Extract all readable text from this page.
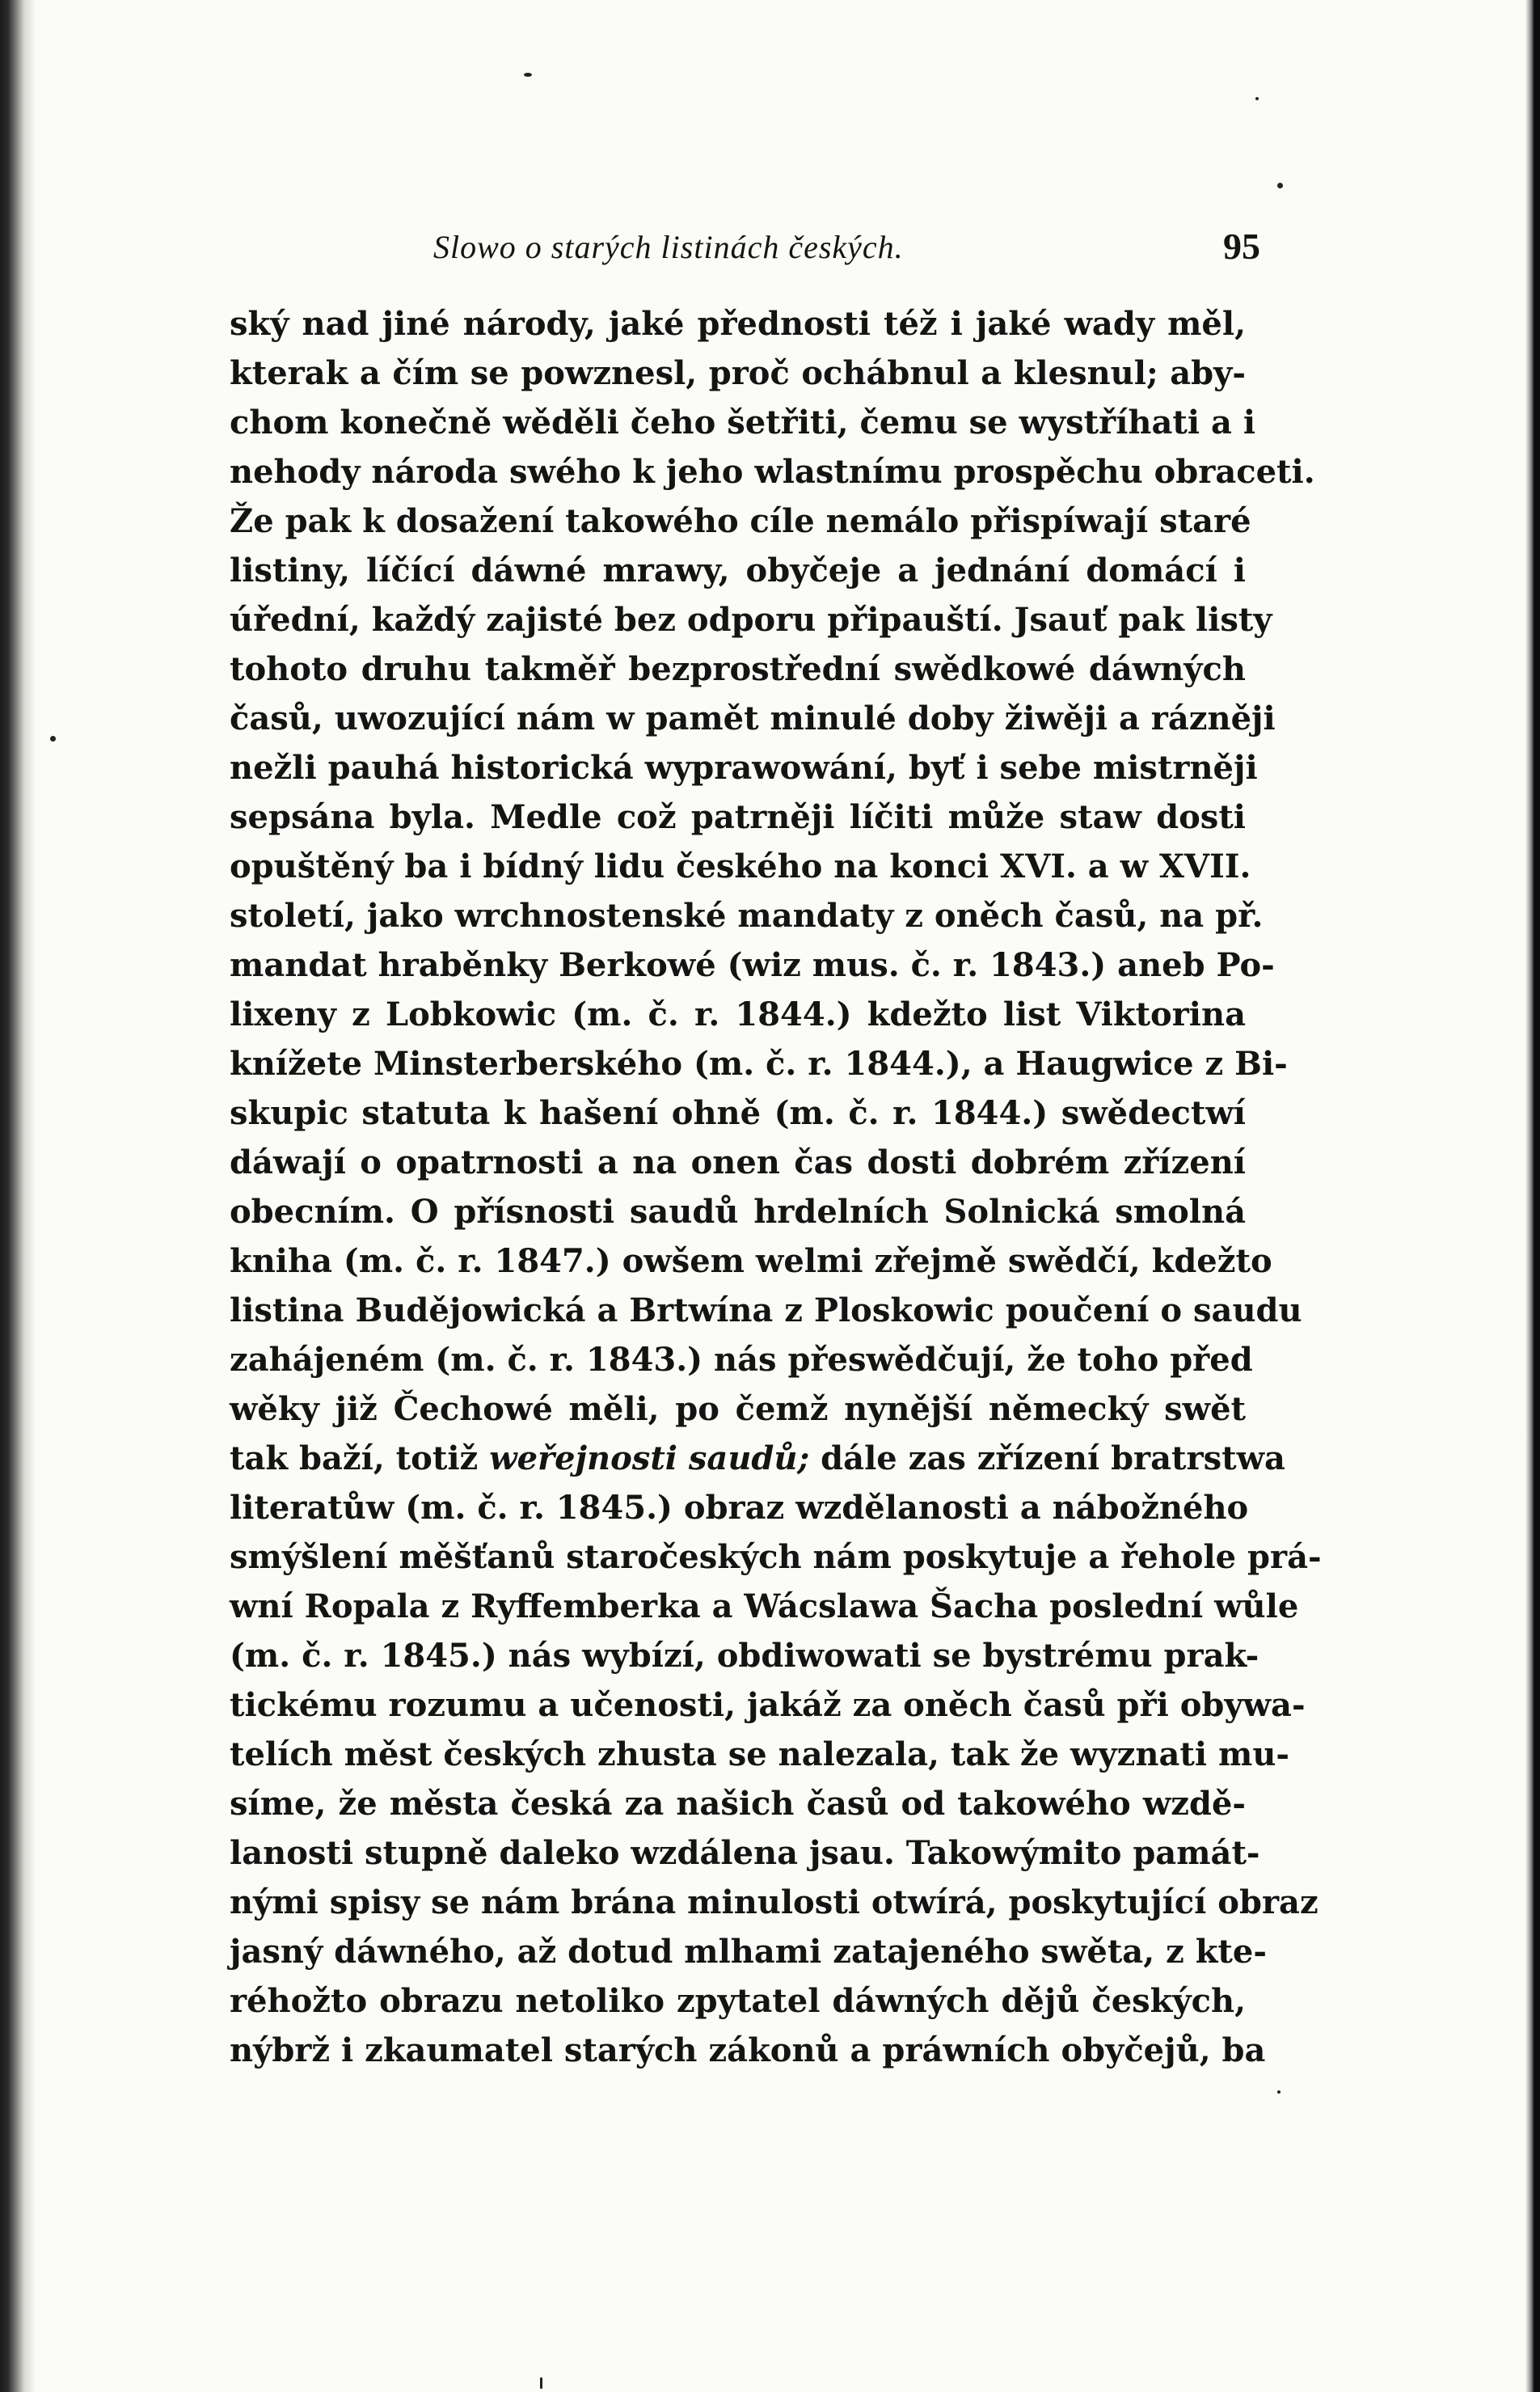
Slowo o starých listinách českých.	95
ský nad jiné národy, jaké přednosti též i jaké wady měl,
kterak a čím se powznesl, proč ochábnul a klesnul; aby-
chom konečně wěděli čeho šetřiti, čemu se wystříhati a i
nehody národa swého k jeho wlastnímu prospěchu obraceti.
Že pak k dosažení takowého cíle nemálo přispíwají staré
listiny, líčící dáwné mrawy, obyčeje a jednání domácí i
úřední, každý zajisté bez odporu připauští. Jsauť pak listy
tohoto druhu takměř bezprostřední swědkowé dáwných
časů, uwozující nám w pamět minulé doby žiwěji a rázněji
nežli pauhá historická wyprawowání, byť i sebe mistrněji
sepsána byla. Medle což patrněji líčiti může staw dosti
opuštěný ba i bídný lidu českého na konci XVI. a w XVII.
století, jako wrchnostenské mandaty z oněch časů, na př.
mandat hraběnky Berkowé (wiz mus. č. r. 1843.) aneb Po-
lixeny z Lobkowic (m. č. r. 1844.) kdežto list Viktorina
knížete Minsterberského (m. č. r. 1844.), a Haugwice z Bi-
skupic statuta k hašení ohně (m. č. r. 1844.) swědectwí
dáwají o opatrnosti a na onen čas dosti dobrém zřízení
obecním. O přísnosti saudů hrdelních Solnická smolná
kniha (m. č. r. 1847.) owšem welmi zřejmě swědčí, kdežto
listina Budějowická a Brtwína z Ploskowic poučení o saudu
zahájeném (m. č. r. 1843.) nás přeswědčují, že toho před
wěky již Čechowé měli, po čemž nynější německý swět
tak baží, totiž weřejnosti saudů; dále zas zřízení bratrstwa
literatůw (m. č. r. 1845.) obraz wzdělanosti a nábožného
smýšlení měšťanů staročeských nám poskytuje a řehole prá-
wní Ropala z Ryffemberka a Wácslawa Šacha poslední wůle
(m. č. r. 1845.) nás wybízí, obdiwowati se bystrému prak-
tickému rozumu a učenosti, jakáž za oněch časů při obywa-
telích měst českých zhusta se nalezala, tak že wyznati mu-
síme, že města česká za našich časů od takowého wzdě-
lanosti stupně daleko wzdálena jsau. Takowýmito památ-
nými spisy se nám brána minulosti otwírá, poskytující obraz
jasný dáwného, až dotud mlhami zatajeného swěta, z kte-
réhožto obrazu netoliko zpytatel dáwných dějů českých,
nýbrž i zkaumatel starých zákonů a práwních obyčejů, ba
